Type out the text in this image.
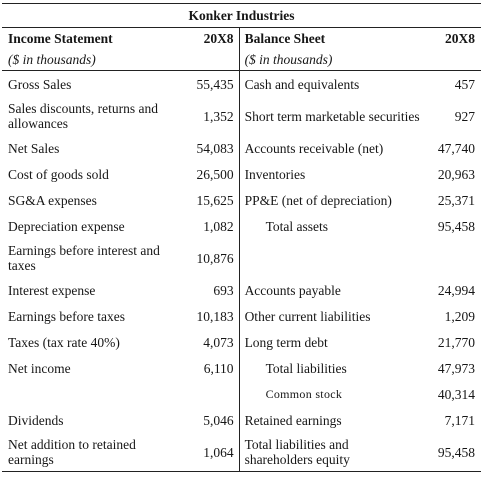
Konker Industries			
Income Statement	20X8	Balance Sheet	20X8
($ in thousands)		($ in thousands)	
Gross Sales	55,435	Cash and equivalents	457
Sales discounts, returns and allowances	1,352	Short term marketable securities	927
Net Sales	54,083	Accounts receivable (net)	47,740
Cost of goods sold	26,500	Inventories	20,963
SG&A expenses	15,625	PP&E (net of depreciation)	25,371
Depreciation expense	1,082	Total assets	95,458
Earnings before interest and taxes	10,876		
Interest expense	693	Accounts payable	24,994
Earnings before taxes	10,183	Other current liabilities	1,209
Taxes (tax rate 40%)	4,073	Long term debt	21,770
Net income	6,110	Total liabilities	47,973
		Common stock	40,314
Dividends	5,046	Retained earnings	7,171
Net addition to retained earnings	1,064	Total liabilities and shareholders equity	95,458
